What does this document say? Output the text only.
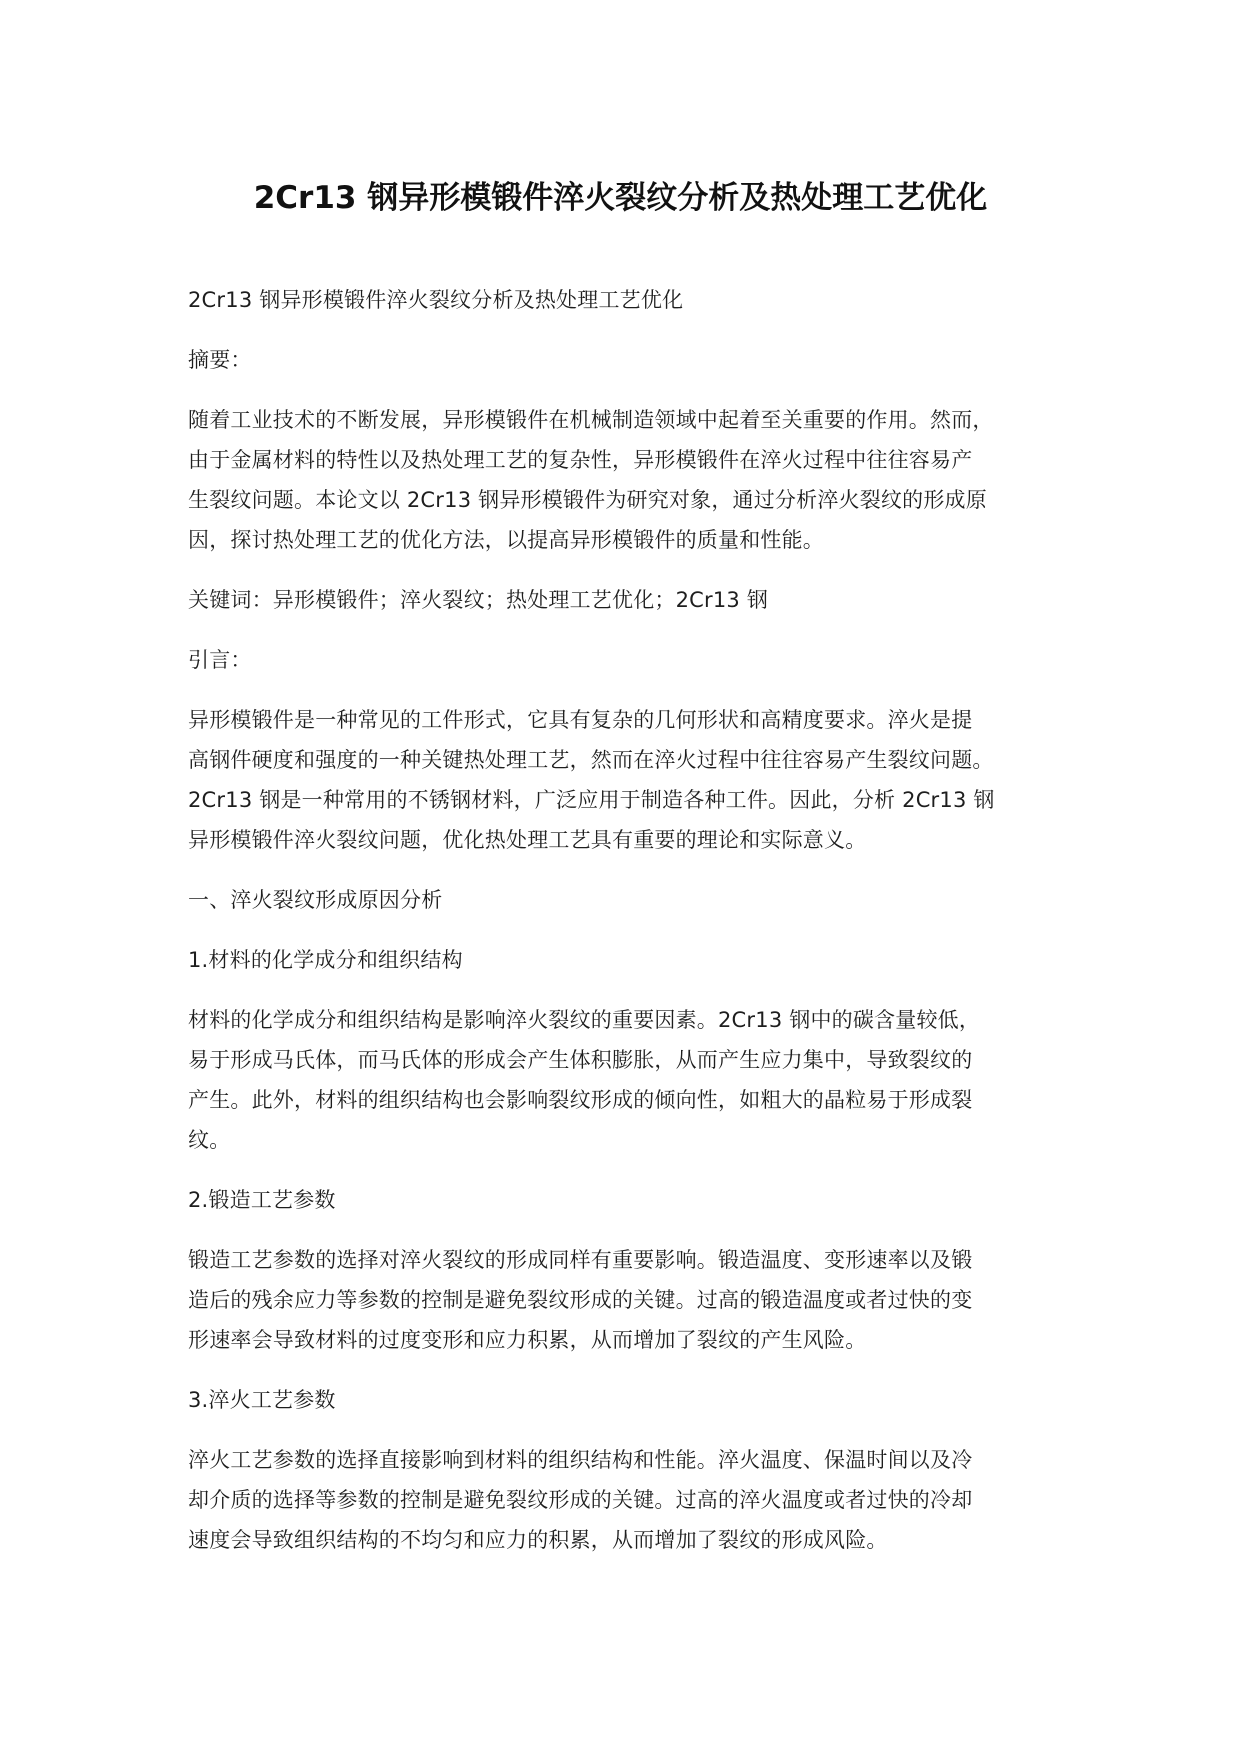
2Cr13 钢异形模锻件淬火裂纹分析及热处理工艺优化

2Cr13 钢异形模锻件淬火裂纹分析及热处理工艺优化

摘要：

随着工业技术的不断发展，异形模锻件在机械制造领域中起着至关重要的作用。然而，
由于金属材料的特性以及热处理工艺的复杂性，异形模锻件在淬火过程中往往容易产
生裂纹问题。本论文以 2Cr13 钢异形模锻件为研究对象，通过分析淬火裂纹的形成原
因，探讨热处理工艺的优化方法，以提高异形模锻件的质量和性能。

关键词：异形模锻件；淬火裂纹；热处理工艺优化；2Cr13 钢

引言：

异形模锻件是一种常见的工件形式，它具有复杂的几何形状和高精度要求。淬火是提
高钢件硬度和强度的一种关键热处理工艺，然而在淬火过程中往往容易产生裂纹问题。
2Cr13 钢是一种常用的不锈钢材料，广泛应用于制造各种工件。因此，分析 2Cr13 钢
异形模锻件淬火裂纹问题，优化热处理工艺具有重要的理论和实际意义。

一、淬火裂纹形成原因分析

1.材料的化学成分和组织结构

材料的化学成分和组织结构是影响淬火裂纹的重要因素。2Cr13 钢中的碳含量较低，
易于形成马氏体，而马氏体的形成会产生体积膨胀，从而产生应力集中，导致裂纹的
产生。此外，材料的组织结构也会影响裂纹形成的倾向性，如粗大的晶粒易于形成裂
纹。

2.锻造工艺参数

锻造工艺参数的选择对淬火裂纹的形成同样有重要影响。锻造温度、变形速率以及锻
造后的残余应力等参数的控制是避免裂纹形成的关键。过高的锻造温度或者过快的变
形速率会导致材料的过度变形和应力积累，从而增加了裂纹的产生风险。

3.淬火工艺参数

淬火工艺参数的选择直接影响到材料的组织结构和性能。淬火温度、保温时间以及冷
却介质的选择等参数的控制是避免裂纹形成的关键。过高的淬火温度或者过快的冷却
速度会导致组织结构的不均匀和应力的积累，从而增加了裂纹的形成风险。
